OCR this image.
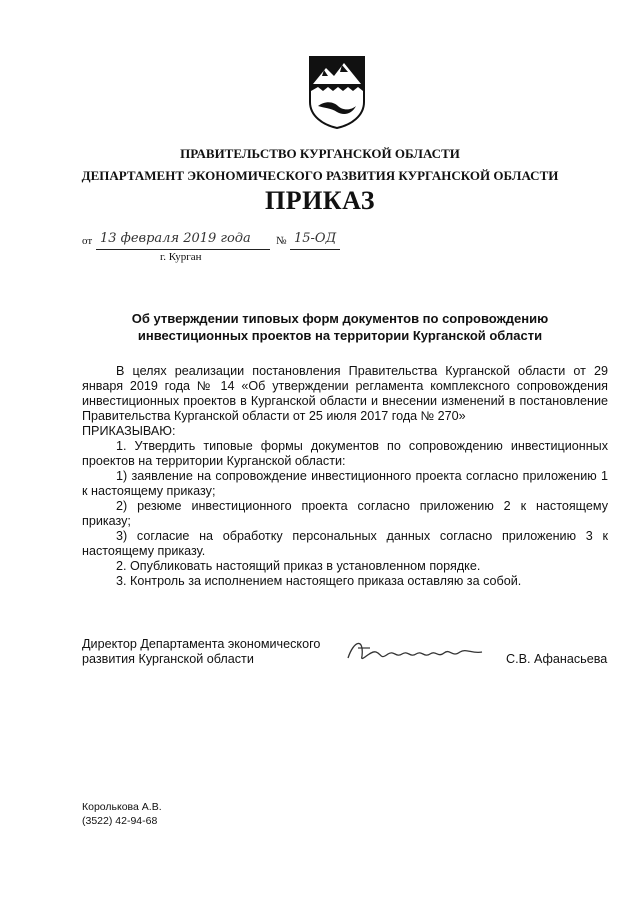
ПРАВИТЕЛЬСТВО КУРГАНСКОЙ ОБЛАСТИ
ДЕПАРТАМЕНТ ЭКОНОМИЧЕСКОГО РАЗВИТИЯ КУРГАНСКОЙ ОБЛАСТИ
ПРИКАЗ
от 13 февраля 2019 года № 15-ОД
г. Курган
Об утверждении типовых форм документов по сопровождению
инвестиционных проектов на территории Курганской области

В целях реализации постановления Правительства Курганской области от 29 января 2019 года № 14 «Об утверждении регламента комплексного сопровождения инвестиционных проектов в Курганской области и внесении изменений в постановление Правительства Курганской области от 25 июля 2017 года № 270»

ПРИКАЗЫВАЮ:

1. Утвердить типовые формы документов по сопровождению инвестиционных проектов на территории Курганской области:

1) заявление на сопровождение инвестиционного проекта согласно приложению 1 к настоящему приказу;

2) резюме инвестиционного проекта согласно приложению 2 к настоящему приказу;

3) согласие на обработку персональных данных согласно приложению 3 к настоящему приказу.

2. Опубликовать настоящий приказ в установленном порядке.

3. Контроль за исполнением настоящего приказа оставляю за собой.

Директор Департамента экономического
развития Курганской области	С.В. Афанасьева
Королькова А.В.
(3522) 42-94-68
